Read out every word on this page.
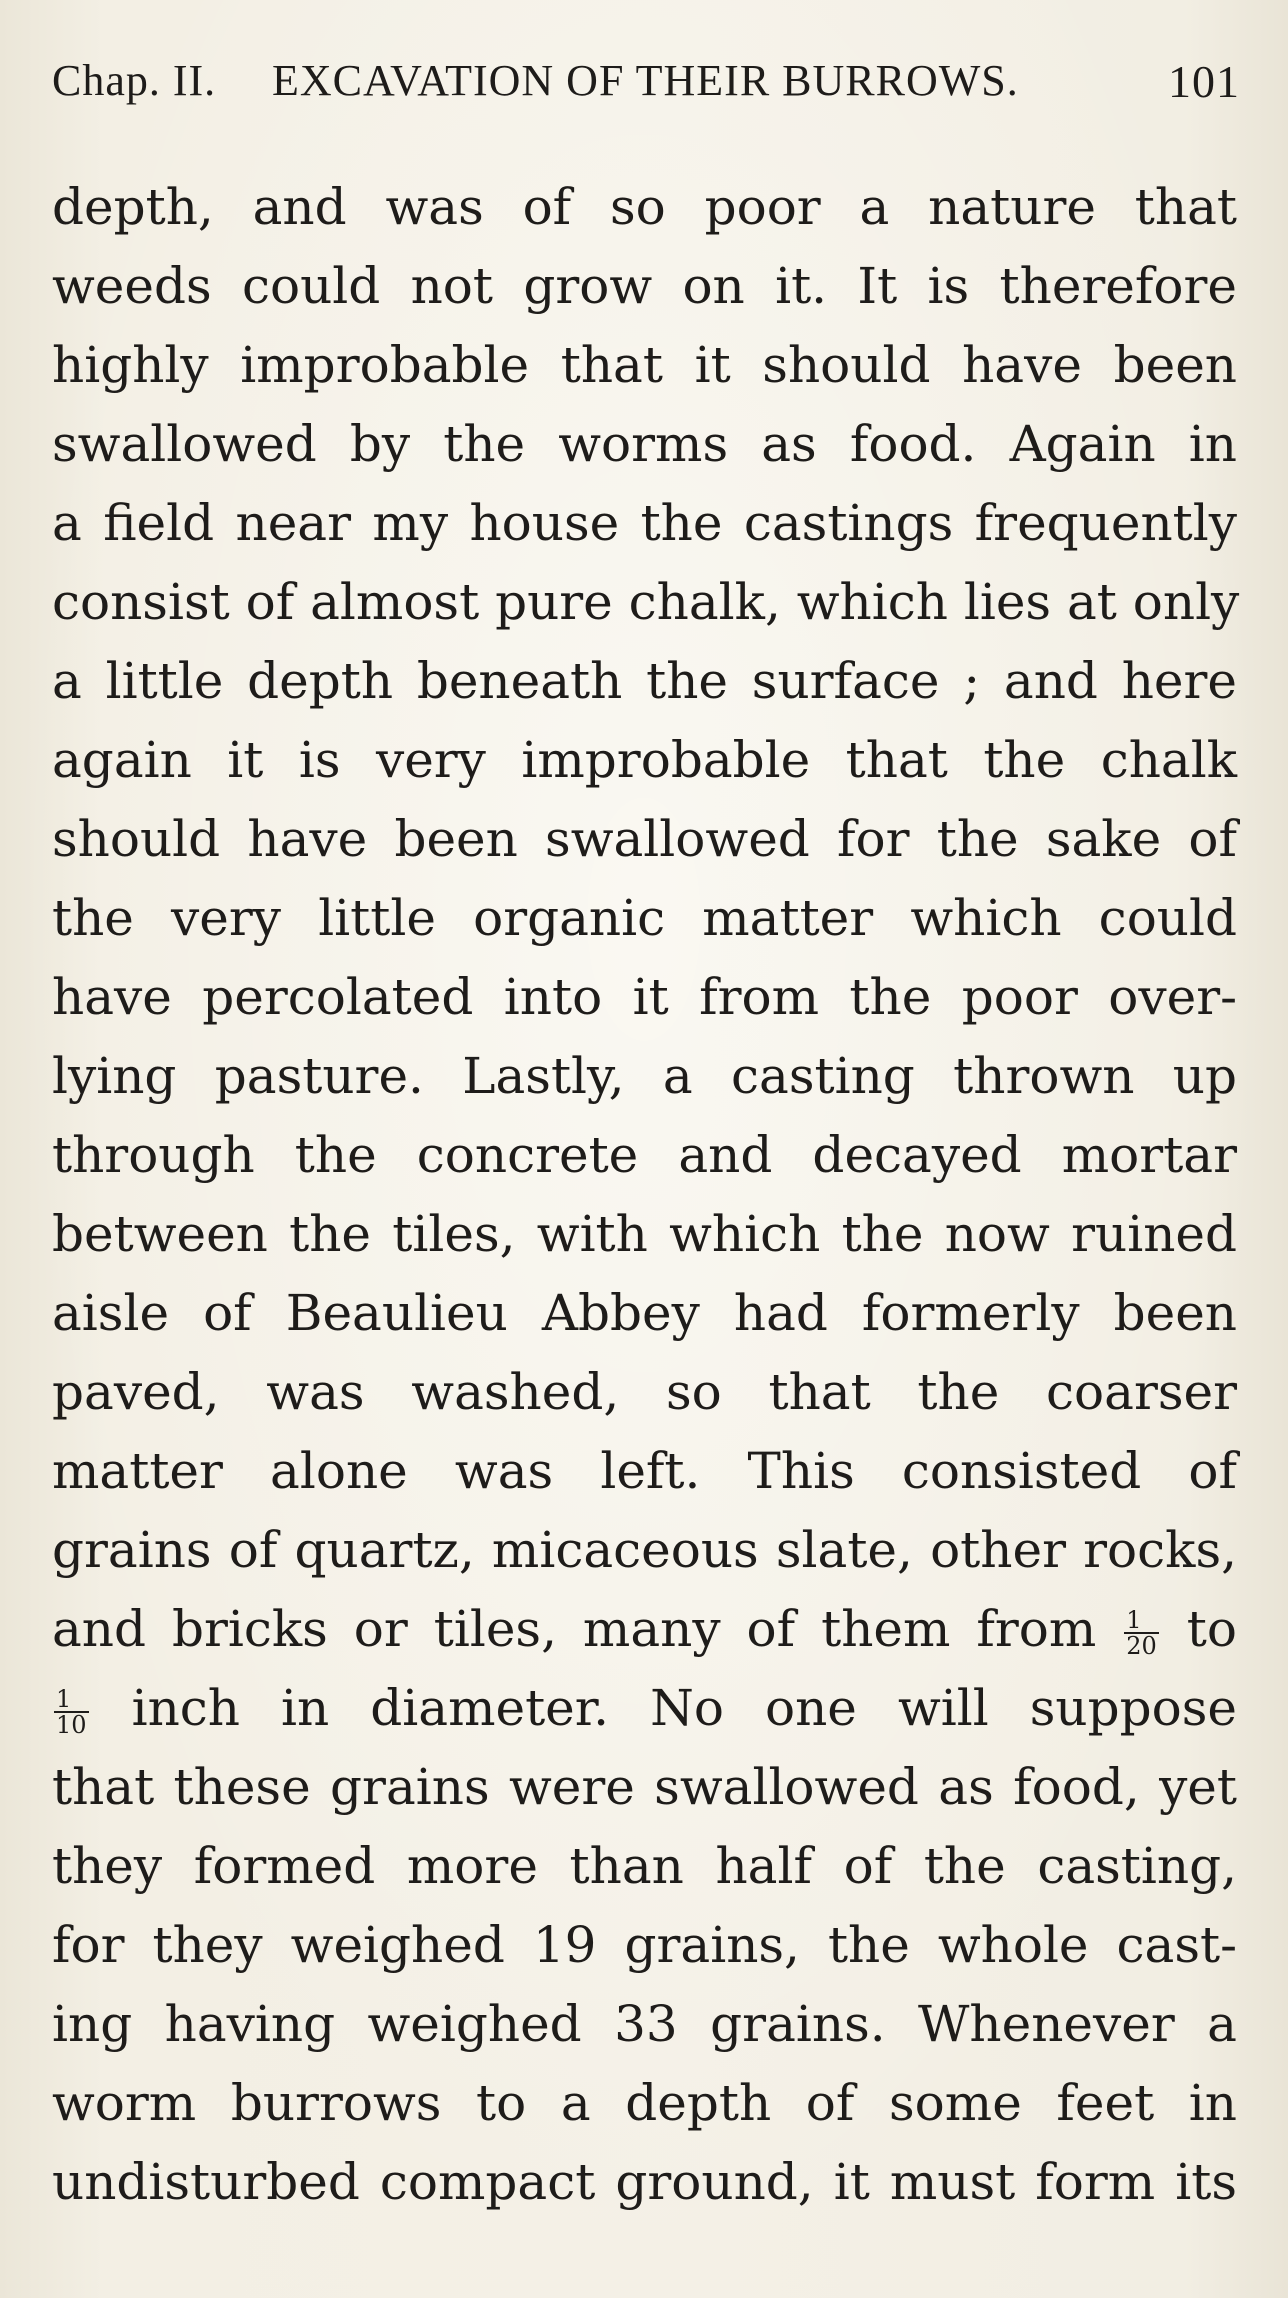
Chap. II. EXCAVATION OF THEIR BURROWS.	101
depth, and was of so poor a nature that
weeds could not grow on it. It is therefore
highly improbable that it should have been
swallowed by the worms as food. Again in
a field near my house the castings frequently
consist of almost pure chalk, which lies at only
a little depth beneath the surface ; and here
again it is very improbable that the chalk
should have been swallowed for the sake of
the very little organic matter which could
have percolated into it from the poor over-
lying pasture. Lastly, a casting thrown up
through the concrete and decayed mortar
between the tiles, with which the now ruined
aisle of Beaulieu Abbey had formerly been
paved, was washed, so that the coarser
matter alone was left. This consisted of
grains of quartz, micaceous slate, other rocks,
and bricks or tiles, many of them from $\frac{1}{20}$ to
$\frac{1}{10}$ inch in diameter. No one will suppose
that these grains were swallowed as food, yet
they formed more than half of the casting,
for they weighed 19 grains, the whole cast-
ing having weighed 33 grains. Whenever a
worm burrows to a depth of some feet in
undisturbed compact ground, it must form its
